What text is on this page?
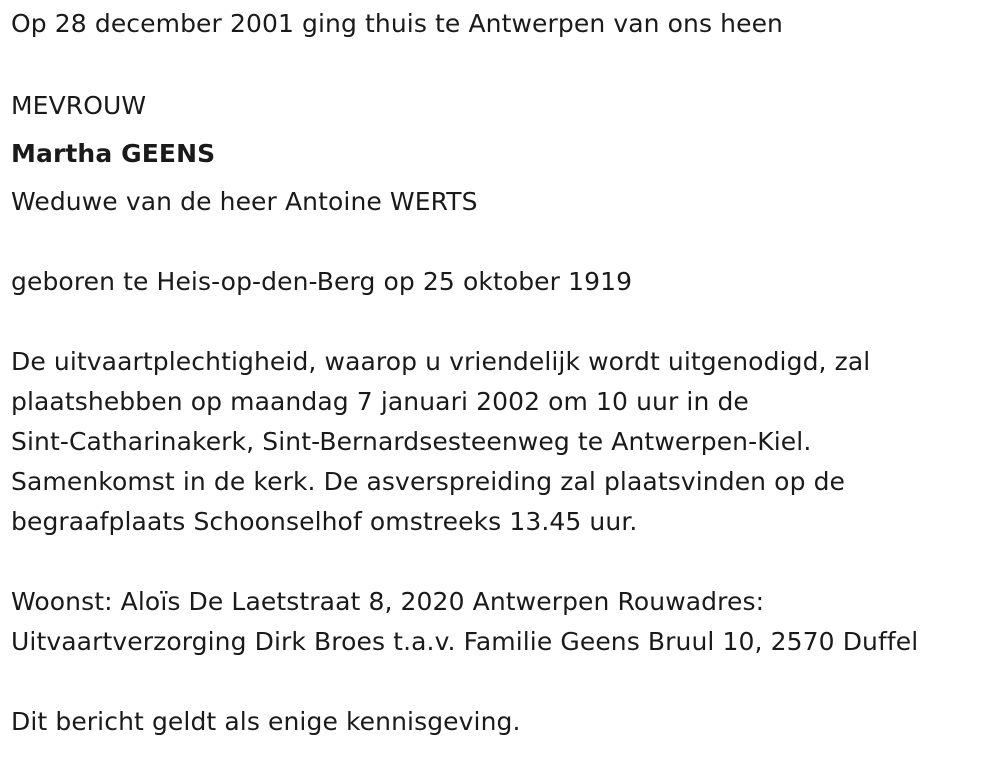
Op 28 december 2001 ging thuis te Antwerpen van ons heen
MEVROUW
Martha GEENS
Weduwe van de heer Antoine WERTS
geboren te Heis-op-den-Berg op 25 oktober 1919
De uitvaartplechtigheid, waarop u vriendelijk wordt uitgenodigd, zal
plaatshebben op maandag 7 januari 2002 om 10 uur in de
Sint-Catharinakerk, Sint-Bernardsesteenweg te Antwerpen-Kiel.
Samenkomst in de kerk. De asverspreiding zal plaatsvinden op de
begraafplaats Schoonselhof omstreeks 13.45 uur.
Woonst: Aloïs De Laetstraat 8, 2020 Antwerpen Rouwadres:
Uitvaartverzorging Dirk Broes t.a.v. Familie Geens Bruul 10, 2570 Duffel
Dit bericht geldt als enige kennisgeving.
